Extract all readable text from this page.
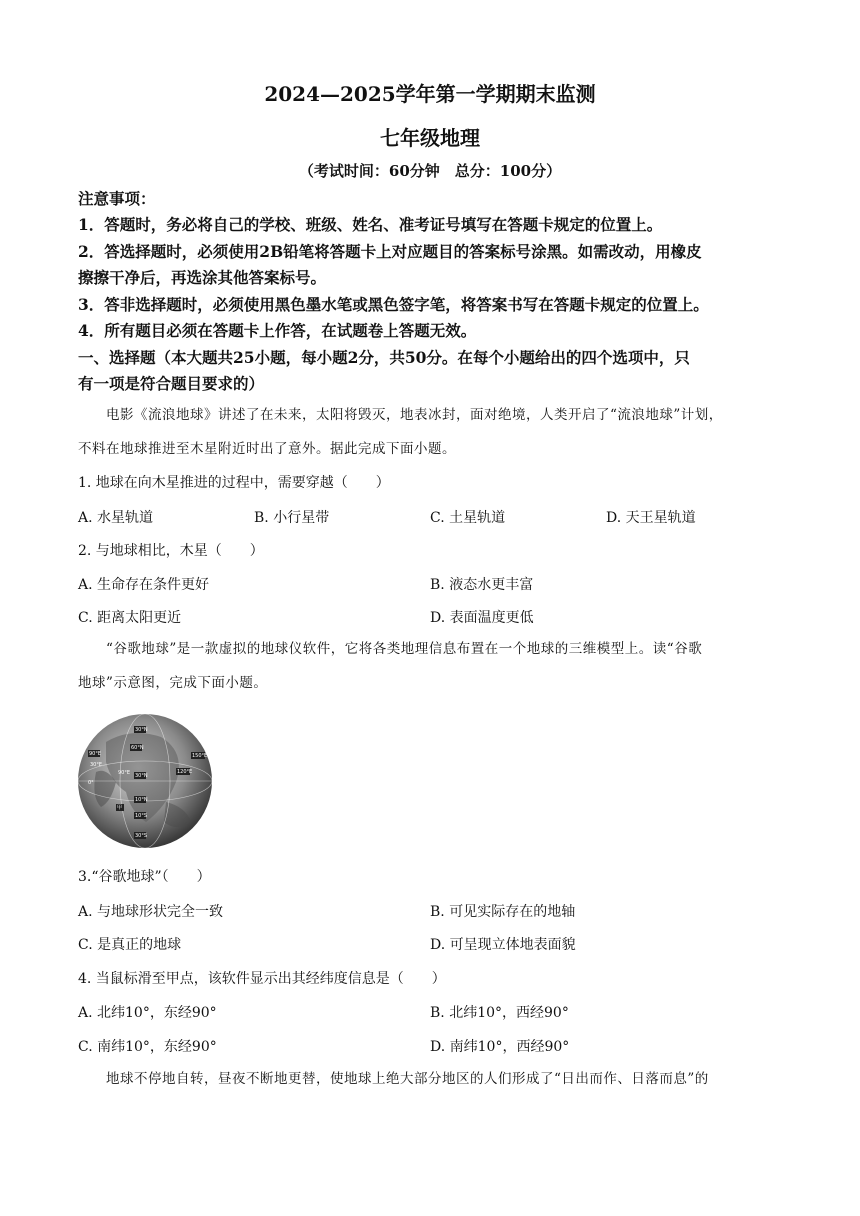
2024—2025学年第一学期期末监测
七年级地理
（考试时间：60分钟　总分：100分）
注意事项：
1．答题时，务必将自己的学校、班级、姓名、准考证号填写在答题卡规定的位置上。
2．答选择题时，必须使用2B铅笔将答题卡上对应题目的答案标号涂黑。如需改动，用橡皮
擦擦干净后，再选涂其他答案标号。
3．答非选择题时，必须使用黑色墨水笔或黑色签字笔，将答案书写在答题卡规定的位置上。
4．所有题目必须在答题卡上作答，在试题卷上答题无效。
一、选择题（本大题共25小题，每小题2分，共50分。在每个小题给出的四个选项中，只
有一项是符合题目要求的）
电影《流浪地球》讲述了在未来，太阳将毁灭，地表冰封，面对绝境，人类开启了“流浪地球”计划，
不料在地球推进至木星附近时出了意外。据此完成下面小题。
1. 地球在向木星推进的过程中，需要穿越（　　）
A. 水星轨道	B. 小行星带	C. 土星轨道	D. 天王星轨道
2. 与地球相比，木星（　　）
A. 生命存在条件更好	B. 液态水更丰富
C. 距离太阳更近	D. 表面温度更低
“谷歌地球”是一款虚拟的地球仪软件，它将各类地理信息布置在一个地球的三维模型上。读“谷歌
地球”示意图，完成下面小题。
30°N
90°E
60°N
150°E
120°E
30°E
0°
10°S
30°S
10°N
30°N
甲
90°E
3.“谷歌地球”（　　）
A. 与地球形状完全一致	B. 可见实际存在的地轴
C. 是真正的地球	D. 可呈现立体地表面貌
4. 当鼠标滑至甲点，该软件显示出其经纬度信息是（　　）
A. 北纬10°，东经90°	B. 北纬10°，西经90°
C. 南纬10°，东经90°	D. 南纬10°，西经90°
地球不停地自转，昼夜不断地更替，使地球上绝大部分地区的人们形成了“日出而作、日落而息”的
